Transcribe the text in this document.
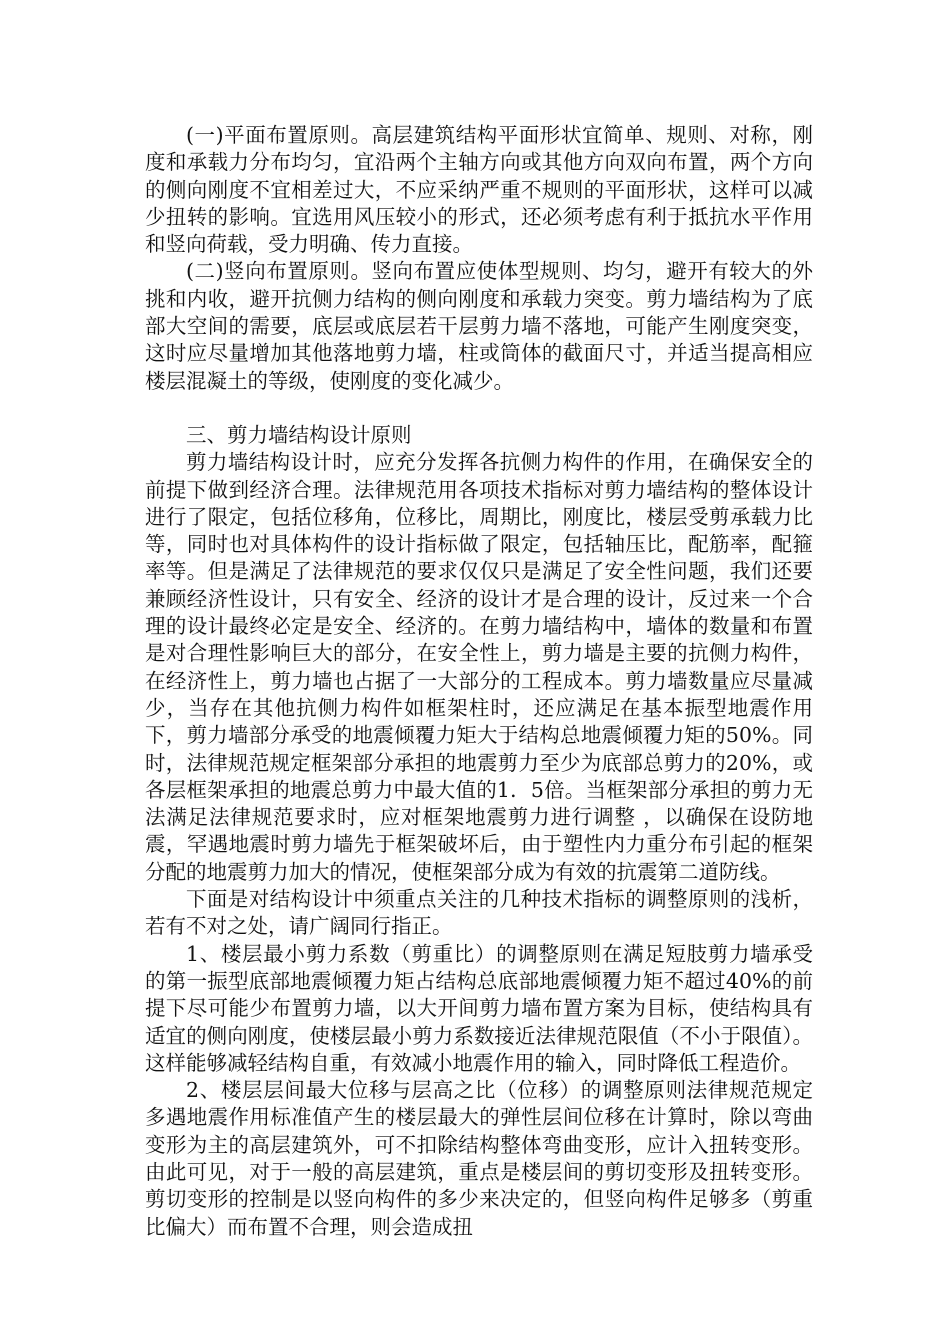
(一)平面布置原则。高层建筑结构平面形状宜简单、规则、对称，刚度和承载力分布均匀，宜沿两个主轴方向或其他方向双向布置，两个方向的侧向刚度不宜相差过大，不应采纳严重不规则的平面形状，这样可以减少扭转的影响。宜选用风压较小的形式，还必须考虑有利于抵抗水平作用和竖向荷载，受力明确、传力直接。

(二)竖向布置原则。竖向布置应使体型规则、均匀，避开有较大的外挑和内收，避开抗侧力结构的侧向刚度和承载力突变。剪力墙结构为了底部大空间的需要，底层或底层若干层剪力墙不落地，可能产生刚度突变，这时应尽量增加其他落地剪力墙，柱或筒体的截面尺寸，并适当提高相应楼层混凝土的等级，使刚度的变化减少。

三、剪力墙结构设计原则

剪力墙结构设计时，应充分发挥各抗侧力构件的作用，在确保安全的前提下做到经济合理。法律规范用各项技术指标对剪力墙结构的整体设计进行了限定，包括位移角，位移比，周期比，刚度比，楼层受剪承载力比等，同时也对具体构件的设计指标做了限定，包括轴压比，配筋率，配箍率等。但是满足了法律规范的要求仅仅只是满足了安全性问题，我们还要兼顾经济性设计，只有安全、经济的设计才是合理的设计，反过来一个合理的设计最终必定是安全、经济的。在剪力墙结构中，墙体的数量和布置是对合理性影响巨大的部分，在安全性上，剪力墙是主要的抗侧力构件，在经济性上，剪力墙也占据了一大部分的工程成本。剪力墙数量应尽量减少，当存在其他抗侧力构件如框架柱时，还应满足在基本振型地震作用下，剪力墙部分承受的地震倾覆力矩大于结构总地震倾覆力矩的50%。同时，法律规范规定框架部分承担的地震剪力至少为底部总剪力的20%，或各层框架承担的地震总剪力中最大值的1．5倍。当框架部分承担的剪力无法满足法律规范要求时，应对框架地震剪力进行调整 ，以确保在设防地震，罕遇地震时剪力墙先于框架破坏后，由于塑性内力重分布引起的框架分配的地震剪力加大的情况，使框架部分成为有效的抗震第二道防线。

下面是对结构设计中须重点关注的几种技术指标的调整原则的浅析，若有不对之处，请广阔同行指正。

1、楼层最小剪力系数（剪重比）的调整原则在满足短肢剪力墙承受的第一振型底部地震倾覆力矩占结构总底部地震倾覆力矩不超过40%的前提下尽可能少布置剪力墙，以大开间剪力墙布置方案为目标，使结构具有适宜的侧向刚度，使楼层最小剪力系数接近法律规范限值（不小于限值）。这样能够减轻结构自重，有效减小地震作用的输入，同时降低工程造价。

2、楼层层间最大位移与层高之比（位移）的调整原则法律规范规定多遇地震作用标准值产生的楼层最大的弹性层间位移在计算时，除以弯曲变形为主的高层建筑外，可不扣除结构整体弯曲变形，应计入扭转变形。由此可见，对于一般的高层建筑，重点是楼层间的剪切变形及扭转变形。剪切变形的控制是以竖向构件的多少来决定的，但竖向构件足够多（剪重比偏大）而布置不合理，则会造成扭
